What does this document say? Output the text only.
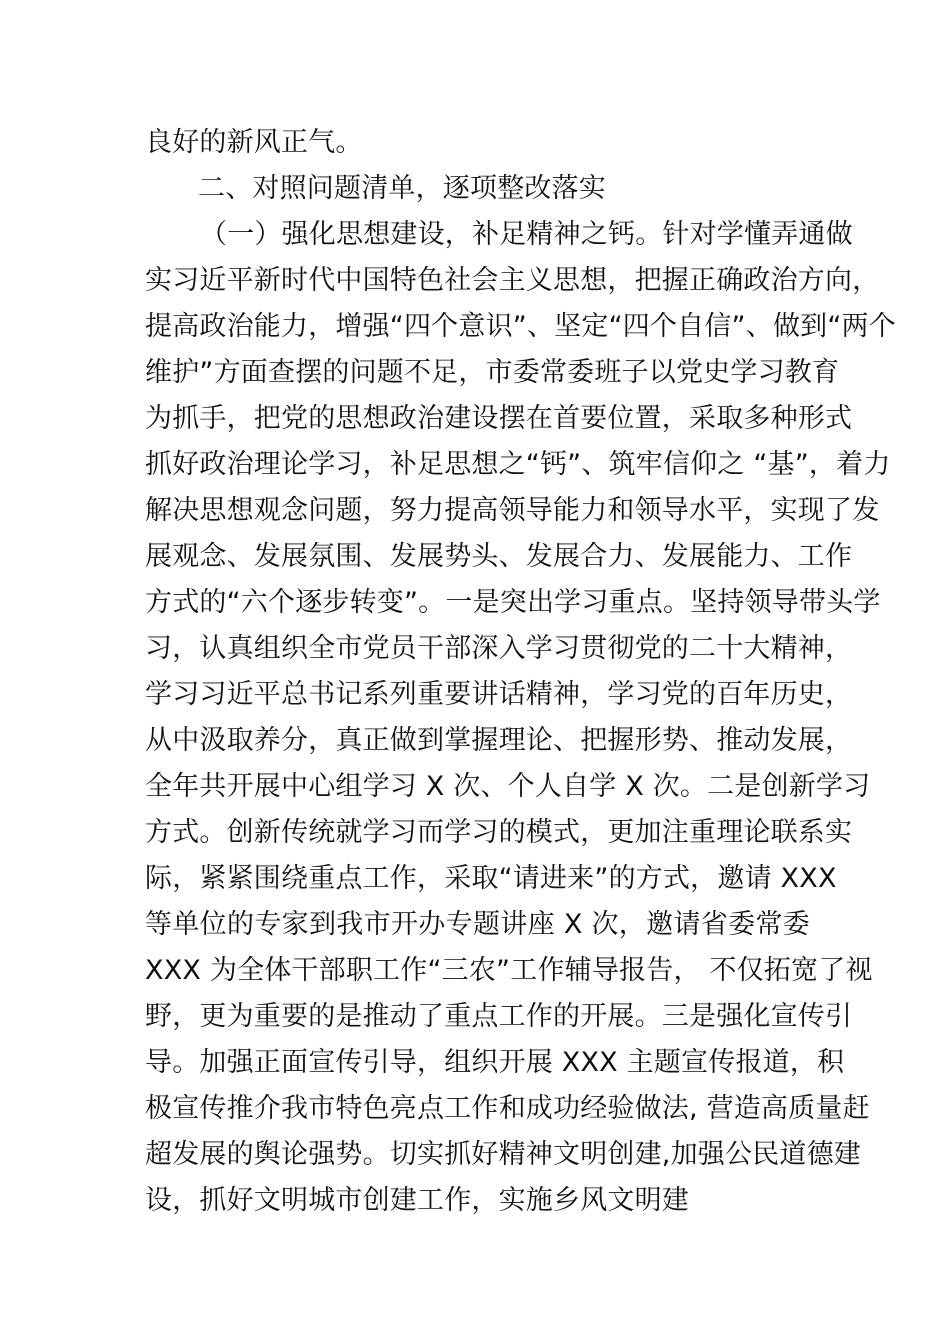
良好的新风正气。
二、对照问题清单，逐项整改落实
（一）强化思想建设，补足精神之钙。针对学懂弄通做
实习近平新时代中国特色社会主义思想，把握正确政治方向，
提高政治能力，增强“四个意识”、坚定“四个自信”、做到“两个
维护”方面查摆的问题不足，市委常委班子以党史学习教育
为抓手，把党的思想政治建设摆在首要位置，采取多种形式
抓好政治理论学习，补足思想之“钙”、筑牢信仰之 “基”，着力
解决思想观念问题，努力提高领导能力和领导水平，实现了发
展观念、发展氛围、发展势头、发展合力、发展能力、工作
方式的“六个逐步转变”。一是突出学习重点。坚持领导带头学
习，认真组织全市党员干部深入学习贯彻党的二十大精神，
学习习近平总书记系列重要讲话精神，学习党的百年历史，
从中汲取养分，真正做到掌握理论、把握形势、推动发展，
全年共开展中心组学习 X 次、个人自学 X 次。二是创新学习
方式。创新传统就学习而学习的模式，更加注重理论联系实
际，紧紧围绕重点工作，采取“请进来”的方式，邀请 XXX
等单位的专家到我市开办专题讲座 X 次，邀请省委常委
XXX 为全体干部职工作“三农”工作辅导报告， 不仅拓宽了视
野，更为重要的是推动了重点工作的开展。三是强化宣传引
导。加强正面宣传引导，组织开展 XXX 主题宣传报道，积
极宣传推介我市特色亮点工作和成功经验做法, 营造高质量赶
超发展的舆论强势。切实抓好精神文明创建,加强公民道德建
设，抓好文明城市创建工作，实施乡风文明建
